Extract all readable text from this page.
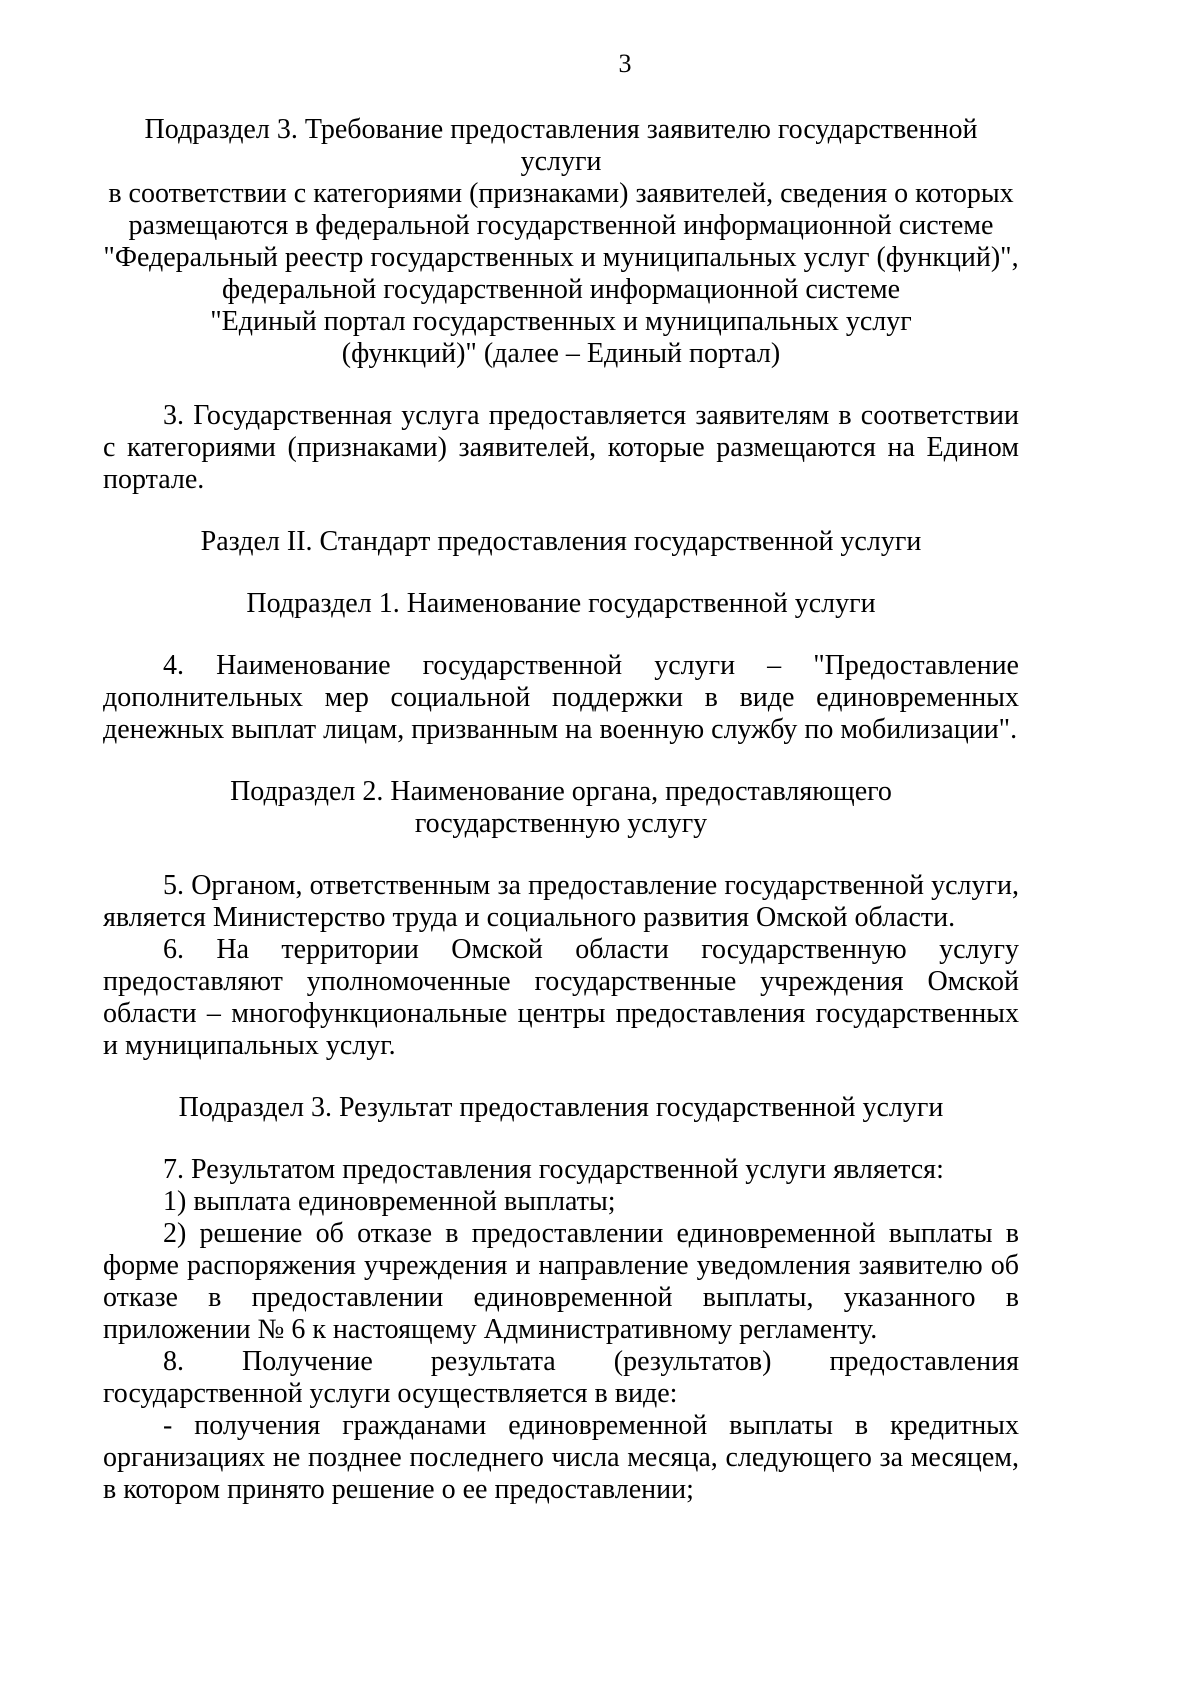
3
Подраздел 3. Требование предоставления заявителю государственной услуги
в соответствии с категориями (признаками) заявителей, сведения о которых
размещаются в федеральной государственной информационной системе
"Федеральный реестр государственных и муниципальных услуг (функций)",
федеральной государственной информационной системе
"Единый портал государственных и муниципальных услуг
(функций)" (далее – Единый портал)

3. Государственная услуга предоставляется заявителям в соответствии с категориями (признаками) заявителей, которые размещаются на Едином портале.

Раздел II. Стандарт предоставления государственной услуги
Подраздел 1. Наименование государственной услуги

4. Наименование государственной услуги – "Предоставление дополнительных мер социальной поддержки в виде единовременных денежных выплат лицам, призванным на военную службу по мобилизации".

Подраздел 2. Наименование органа, предоставляющего
государственную услугу

5. Органом, ответственным за предоставление государственной услуги, является Министерство труда и социального развития Омской области.

6. На территории Омской области государственную услугу предоставляют уполномоченные государственные учреждения Омской области – многофункциональные центры предоставления государственных и муниципальных услуг.

Подраздел 3. Результат предоставления государственной услуги

7. Результатом предоставления государственной услуги является:

1) выплата единовременной выплаты;

2) решение об отказе в предоставлении единовременной выплаты в форме распоряжения учреждения и направление уведомления заявителю об отказе в предоставлении единовременной выплаты, указанного в приложении № 6 к настоящему Административному регламенту.

8. Получение результата (результатов) предоставления государственной услуги осуществляется в виде:

- получения гражданами единовременной выплаты в кредитных организациях не позднее последнего числа месяца, следующего за месяцем, в котором принято решение о ее предоставлении;
